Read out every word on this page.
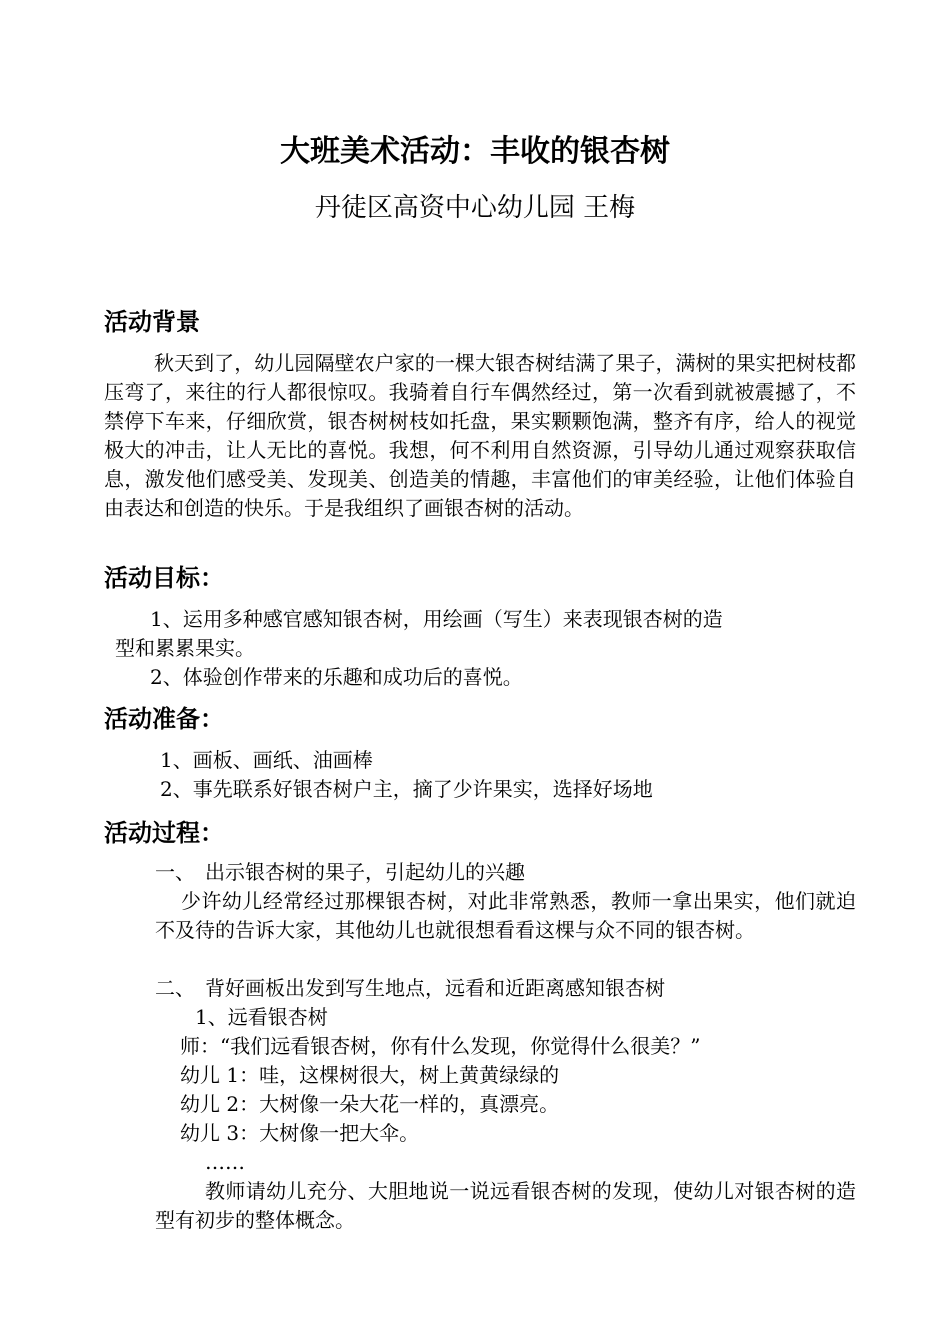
大班美术活动：丰收的银杏树
丹徒区高资中心幼儿园 王梅
活动背景
秋天到了，幼儿园隔壁农户家的一棵大银杏树结满了果子，满树的果实把树枝都压弯了，来往的行人都很惊叹。我骑着自行车偶然经过，第一次看到就被震撼了，不禁停下车来，仔细欣赏，银杏树树枝如托盘，果实颗颗饱满，整齐有序，给人的视觉极大的冲击，让人无比的喜悦。我想，何不利用自然资源，引导幼儿通过观察获取信息，激发他们感受美、发现美、创造美的情趣，丰富他们的审美经验，让他们体验自由表达和创造的快乐。于是我组织了画银杏树的活动。
活动目标：
1、运用多种感官感知银杏树，用绘画（写生）来表现银杏树的造
型和累累果实。
2、体验创作带来的乐趣和成功后的喜悦。
活动准备：
1、画板、画纸、油画棒
2、事先联系好银杏树户主，摘了少许果实，选择好场地
活动过程：
一、　出示银杏树的果子，引起幼儿的兴趣
少许幼儿经常经过那棵银杏树，对此非常熟悉，教师一拿出果实，他们就迫不及待的告诉大家，其他幼儿也就很想看看这棵与众不同的银杏树。
二、　背好画板出发到写生地点，远看和近距离感知银杏树
1、远看银杏树
师：“我们远看银杏树，你有什么发现，你觉得什么很美？”
幼儿 1：哇，这棵树很大，树上黄黄绿绿的
幼儿 2：大树像一朵大花一样的，真漂亮。
幼儿 3：大树像一把大伞。
……
教师请幼儿充分、大胆地说一说远看银杏树的发现，使幼儿对银杏树的造型有初步的整体概念。
